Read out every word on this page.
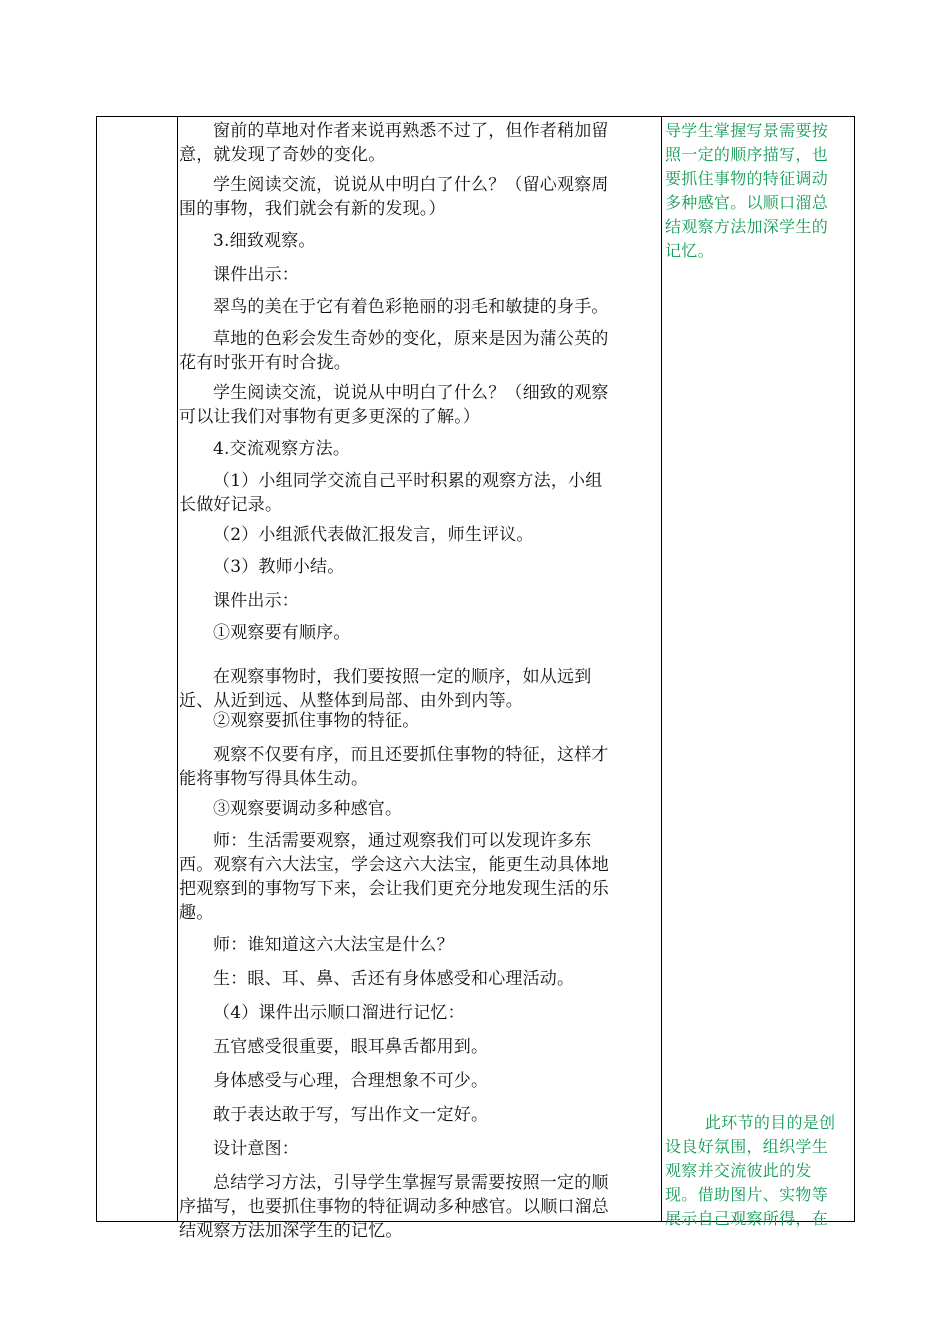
窗前的草地对作者来说再熟悉不过了，但作者稍加留
意，就发现了奇妙的变化。
学生阅读交流，说说从中明白了什么？（留心观察周
围的事物，我们就会有新的发现。）
3.细致观察。
课件出示：
翠鸟的美在于它有着色彩艳丽的羽毛和敏捷的身手。
草地的色彩会发生奇妙的变化，原来是因为蒲公英的
花有时张开有时合拢。
学生阅读交流，说说从中明白了什么？（细致的观察
可以让我们对事物有更多更深的了解。）
4.交流观察方法。
（1）小组同学交流自己平时积累的观察方法，小组
长做好记录。
（2）小组派代表做汇报发言，师生评议。
（3）教师小结。
课件出示：
①观察要有顺序。
在观察事物时，我们要按照一定的顺序，如从远到
近、从近到远、从整体到局部、由外到内等。
②观察要抓住事物的特征。
观察不仅要有序，而且还要抓住事物的特征，这样才
能将事物写得具体生动。
③观察要调动多种感官。
师：生活需要观察，通过观察我们可以发现许多东
西。观察有六大法宝，学会这六大法宝，能更生动具体地
把观察到的事物写下来，会让我们更充分地发现生活的乐
趣。
师：谁知道这六大法宝是什么？
生：眼、耳、鼻、舌还有身体感受和心理活动。
（4）课件出示顺口溜进行记忆：
五官感受很重要，眼耳鼻舌都用到。
身体感受与心理，合理想象不可少。
敢于表达敢于写，写出作文一定好。
设计意图：
总结学习方法，引导学生掌握写景需要按照一定的顺
序描写，也要抓住事物的特征调动多种感官。以顺口溜总
结观察方法加深学生的记忆。
导学生掌握写景需要按
照一定的顺序描写，也
要抓住事物的特征调动
多种感官。以顺口溜总
结观察方法加深学生的
记忆。
此环节的目的是创
设良好氛围，组织学生
观察并交流彼此的发
现。借助图片、实物等
展示自己观察所得，在
